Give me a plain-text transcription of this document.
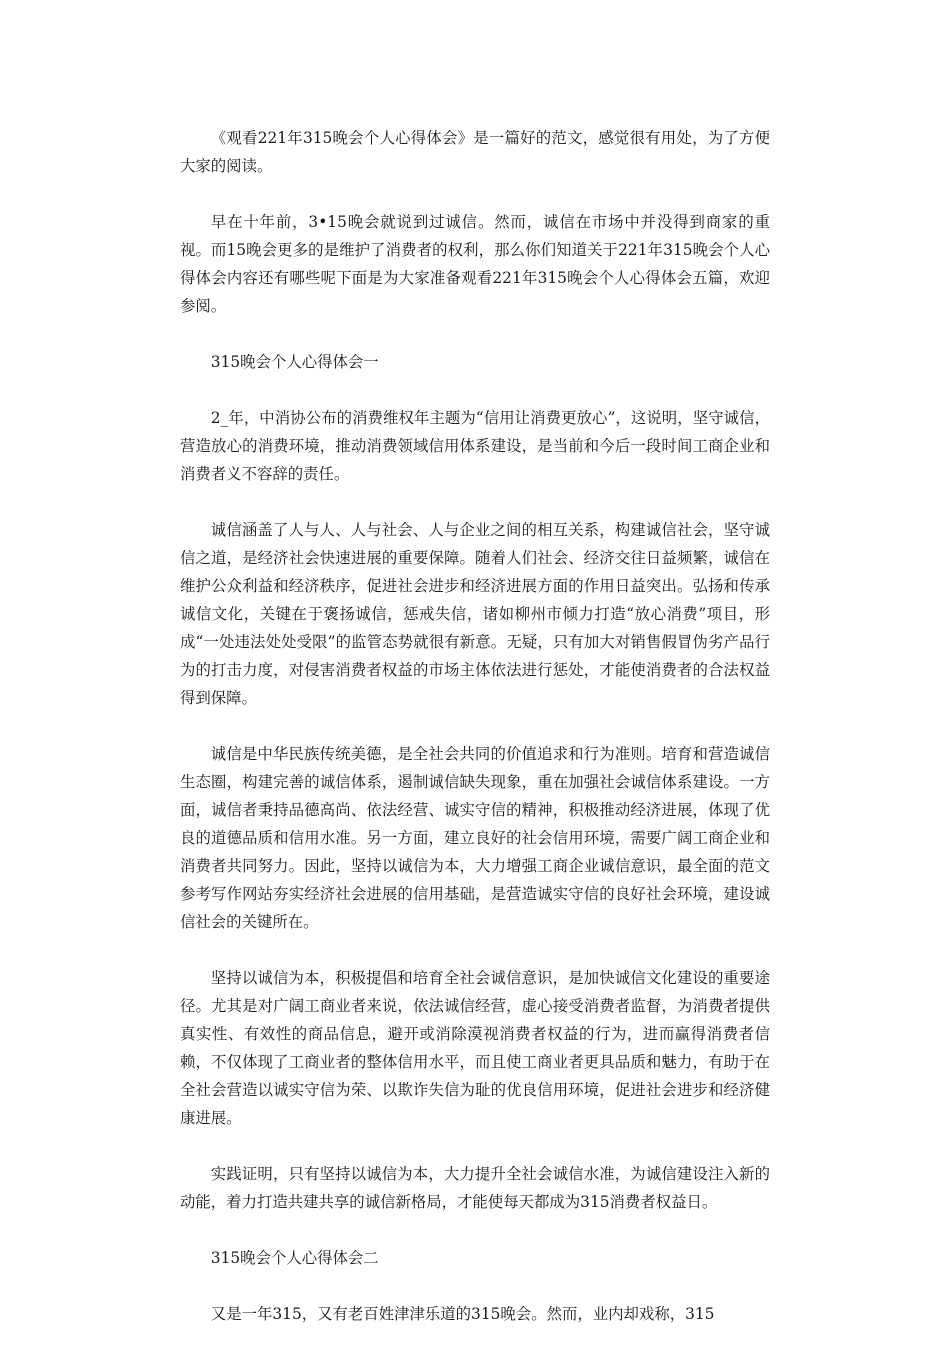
《观看221年315晚会个人心得体会》是一篇好的范文，感觉很有用处，为了方便大家的阅读。

早在十年前，3•15晚会就说到过诚信。然而，诚信在市场中并没得到商家的重视。而15晚会更多的是维护了消费者的权利，那么你们知道关于221年315晚会个人心得体会内容还有哪些呢下面是为大家准备观看221年315晚会个人心得体会五篇，欢迎参阅。

315晚会个人心得体会一

2_年，中消协公布的消费维权年主题为“信用让消费更放心”，这说明，坚守诚信，营造放心的消费环境，推动消费领域信用体系建设，是当前和今后一段时间工商企业和消费者义不容辞的责任。

诚信涵盖了人与人、人与社会、人与企业之间的相互关系，构建诚信社会，坚守诚信之道，是经济社会快速进展的重要保障。随着人们社会、经济交往日益频繁，诚信在维护公众利益和经济秩序，促进社会进步和经济进展方面的作用日益突出。弘扬和传承诚信文化，关键在于褒扬诚信，惩戒失信，诸如柳州市倾力打造“放心消费”项目，形成“一处违法处处受限”的监管态势就很有新意。无疑，只有加大对销售假冒伪劣产品行为的打击力度，对侵害消费者权益的市场主体依法进行惩处，才能使消费者的合法权益得到保障。

诚信是中华民族传统美德，是全社会共同的价值追求和行为准则。培育和营造诚信生态圈，构建完善的诚信体系，遏制诚信缺失现象，重在加强社会诚信体系建设。一方面，诚信者秉持品德高尚、依法经营、诚实守信的精神，积极推动经济进展，体现了优良的道德品质和信用水准。另一方面，建立良好的社会信用环境，需要广阔工商企业和消费者共同努力。因此，坚持以诚信为本，大力增强工商企业诚信意识，最全面的范文参考写作网站夯实经济社会进展的信用基础，是营造诚实守信的良好社会环境，建设诚信社会的关键所在。

坚持以诚信为本，积极提倡和培育全社会诚信意识，是加快诚信文化建设的重要途径。尤其是对广阔工商业者来说，依法诚信经营，虚心接受消费者监督，为消费者提供真实性、有效性的商品信息，避开或消除漠视消费者权益的行为，进而赢得消费者信赖，不仅体现了工商业者的整体信用水平，而且使工商业者更具品质和魅力，有助于在全社会营造以诚实守信为荣、以欺诈失信为耻的优良信用环境，促进社会进步和经济健康进展。

实践证明，只有坚持以诚信为本，大力提升全社会诚信水准，为诚信建设注入新的动能，着力打造共建共享的诚信新格局，才能使每天都成为315消费者权益日。

315晚会个人心得体会二

又是一年315，又有老百姓津津乐道的315晚会。然而，业内却戏称，315
